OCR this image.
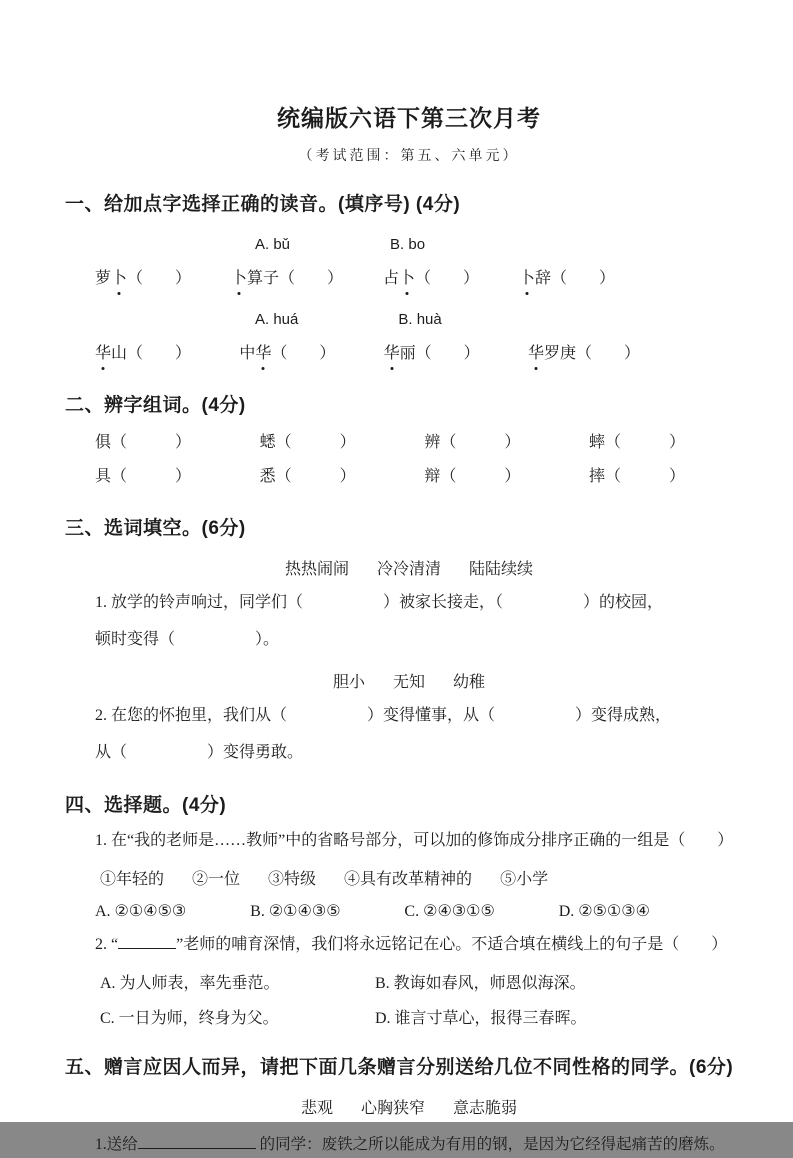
统编版六语下第三次月考
（考试范围：第五、六单元）
一、给加点字选择正确的读音。(填序号) (4分)
A. bǔ	B. bo
萝卜（　　） 卜算子（　　） 占卜（　　） 卜辞（　　）
A. huá	B. huà
华山（　　）	中华（　　）	华丽（　　）	华罗庚（　　）
二、辨字组词。(4分)
俱（　　　）	蟋（　　　）	辨（　　　）	蟀（　　　）
具（　　　）	悉（　　　）	辩（　　　）	摔（　　　）
三、选词填空。(6分)
热热闹闹 冷冷清清 陆陆续续
1. 放学的铃声响过，同学们（　　　　　）被家长接走，（　　　　　）的校园，
顿时变得（　　　　　）。
胆小 无知 幼稚
2. 在您的怀抱里，我们从（　　　　　）变得懂事，从（　　　　　）变得成熟，
从（　　　　　）变得勇敢。
四、选择题。(4分)
1. 在“我的老师是……教师”中的省略号部分，可以加的修饰成分排序正确的一组是（　　）
①年轻的 ②一位 ③特级 ④具有改革精神的 ⑤小学
A. ②①④⑤③	B. ②①④③⑤	C. ②④③①⑤	D. ②⑤①③④
2. “	”老师的哺育深情，我们将永远铭记在心。不适合填在横线上的句子是（　　）
A. 为人师表，率先垂范。	B. 教诲如春风，师恩似海深。
C. 一日为师，终身为父。	D. 谁言寸草心，报得三春晖。
五、赠言应因人而异，请把下面几条赠言分别送给几位不同性格的同学。(6分)
悲观 心胸狭窄 意志脆弱
1.送给	的同学：废铁之所以能成为有用的钢，是因为它经得起痛苦的磨炼。
